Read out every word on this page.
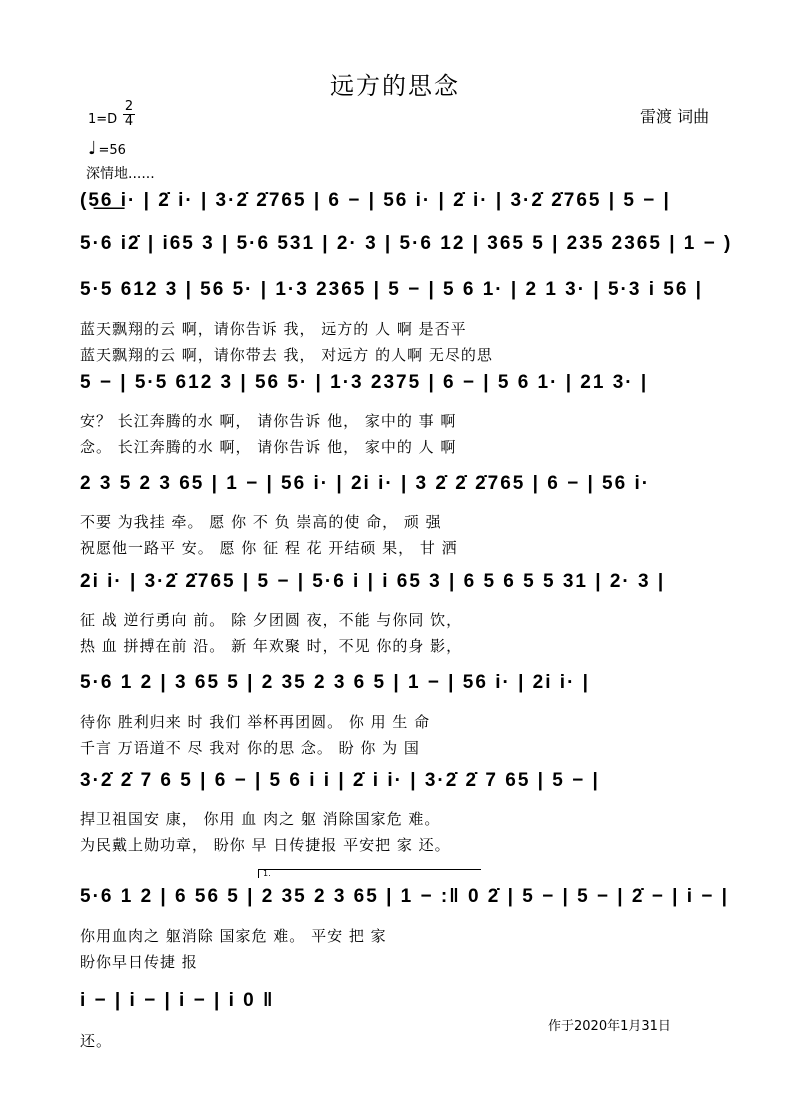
远方的思念
雷渡 词曲
1=D
2
4
♩ =56
深情地......
(5͟6͟ i· | 2̇ i· | 3·2̇ 2̇765 | 6 − | 56 i· | 2̇ i· | 3·2̇ 2̇765 | 5 − |
5·6 i2̇ | i65 3 | 5·6 531 | 2· 3 | 5·6 12 | 365 5 | 235 2365 | 1 − )
5·5 612 3 | 56 5· | 1·3 2365 | 5 − | 5 6 1· | 2 1 3· | 5·3 i 56 |
蓝天飘翔的云 啊，请你告诉 我， 远方的 人 啊 是否平
蓝天飘翔的云 啊，请你带去 我， 对远方 的人啊 无尽的思
5 − | 5·5 612 3 | 56 5· | 1·3 2375 | 6 − | 5 6 1· | 21 3· |
安？ 长江奔腾的水 啊， 请你告诉 他， 家中的 事 啊
念。 长江奔腾的水 啊， 请你告诉 他， 家中的 人 啊
2 3 5 2 3 65 | 1 − | 56 i· | 2i i· | 3 2̇ 2̇ 2̇765 | 6 − | 56 i·
不要 为我挂 牵。 愿 你 不 负 崇高的使 命， 顽 强
祝愿他一路平 安。 愿 你 征 程 花 开结硕 果， 甘 洒
2i i· | 3·2̇ 2̇765 | 5 − | 5·6 i | i 65 3 | 6 5 6 5 5 31 | 2· 3 |
征 战 逆行勇向 前。 除 夕团圆 夜，不能 与你同 饮，
热 血 拼搏在前 沿。 新 年欢聚 时，不见 你的身 影，
5·6 1 2 | 3 65 5 | 2 35 2 3 6 5 | 1 − | 56 i· | 2i i· |
待你 胜利归来 时 我们 举杯再团圆。 你 用 生 命
千言 万语道不 尽 我对 你的思 念。 盼 你 为 国
3·2̇ 2̇ 7 6 5 | 6 − | 5 6 i i | 2̇ i i· | 3·2̇ 2̇ 7 65 | 5 − |
捍卫祖国安 康， 你用 血 肉之 躯 消除国家危 难。
为民戴上勋功章， 盼你 早 日传捷报 平安把 家 还。
1.
5·6 1 2 | 6 56 5 | 2 35 2 3 65 | 1 − :‖ 0 2̇ | 5 − | 5 − | 2̇ − | i − |
你用血肉之 躯消除 国家危 难。 平安 把 家
盼你早日传捷 报
i − | i − | i − | i 0 ‖
作于2020年1月31日
还。
